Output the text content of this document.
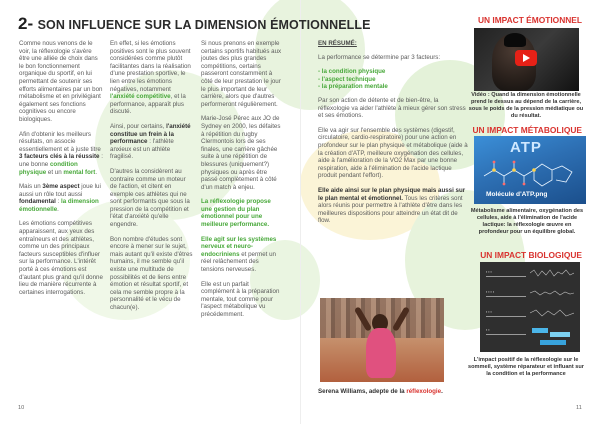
2- SON INFLUENCE SUR LA DIMENSION ÉMOTIONNELLE

Comme nous venons de le voir, la réflexologie s'avère être une alliée de choix dans le bon fonctionnement organique du sportif, en lui permettant de soutenir ses efforts alimentaires par un bon métabolisme et en privilégiant également ses fonctions cognitives ou encore biologiques.

Afin d'obtenir les meilleurs résultats, on associe essentiellement et à juste titre 3 facteurs clés à la réussite : une bonne condition physique et un mental fort.

Mais un 3ème aspect joue lui aussi un rôle tout aussi fondamental : la dimension émotionnelle.

Les émotions compétitives apparaissent, aux yeux des entraîneurs et des athlètes, comme un des principaux facteurs susceptibles d'influer sur la performance. L'intérêt porté à ces émotions est d'autant plus grand qu'il donne lieu de manière récurrente à certaines interrogations.

En effet, si les émotions positives sont le plus souvent considérées comme plutôt facilitantes dans la réalisation d'une prestation sportive, le lien entre les émotions négatives, notamment l'anxiété compétitive, et la performance, apparaît plus discuté.

Ainsi, pour certains, l'anxiété constitue un frein à la performance : l'athlète anxieux est un athlète fragilisé.

D'autres la considèrent au contraire comme un moteur de l'action, et citent en exemple ces athlètes qui ne sont performants que sous la pression de la compétition et l'état d'anxiété qu'elle engendre.

Bon nombre d'études sont encore à mener sur le sujet, mais autant qu'il existe d'êtres humains, il me semble qu'il existe une multitude de possibilités et de liens entre émotion et résultat sportif, et cela me semble propre à la personnalité et le vécu de chacun(e).

Si nous prenons en exemple certains sportifs habitués aux joutes des plus grandes compétitions, certains passeront constamment à côté de leur prestation le jour le plus important de leur carrière, alors que d'autres performeront régulièrement.

Marie-José Pérec aux JO de Sydney en 2000, les défaites à répétition du rugby Clermontois lors de ses finales, une carrière gâchée suite à une répétition de blessures (uniquement?) physiques ou après être passé complètement à côté d'un match à enjeu.

La réflexologie propose une gestion du plan émotionnel pour une meilleure performance.

Elle agit sur les systèmes nerveux et neuro-endocriniens et permet un réel relâchement des tensions nerveuses.

Elle est un parfait complément à la préparation mentale, tout comme pour l'aspect métabolique vu précédemment.

EN RÉSUMÉ:

La performance se détermine par 3 facteurs:

- la condition physique
- l'aspect technique
- la préparation mentale

Par son action de détente et de bien-être, la réflexologie va aider l'athlète à mieux gérer son stress et ses émotions.

Elle va agir sur l'ensemble des systèmes (digestif, circulatoire, cardio-respiratoire) pour une action en profondeur sur le plan physique et métabolique (aide à la création d'ATP, meilleure oxygénation des cellules, aide à l'amélioration de la VO2 Max par une bonne respiration, aide à l'élimination de l'acide lactique produit pendant l'effort).

Elle aide ainsi sur le plan physique mais aussi sur le plan mental et émotionnel. Tous les critères sont alors réunis pour permettre à l'athlète d'être dans les meilleures dispositions pour atteindre un état dit de flow.

Serena Williams, adepte de la réflexologie.
UN IMPACT ÉMOTIONNEL
Vidéo : Quand la dimension émotionnelle prend le dessus au dépend de la carrière, sous le poids de la pression médiatique ou du résultat.
UN IMPACT MÉTABOLIQUE
ATP
Molécule d'ATP.png
Métabolisme alimentaire, oxygénation des cellules, aide à l'élimination de l'acide lactique: la réflexologie œuvre en profondeur pour un équilibre global.
UN IMPACT BIOLOGIQUE
▪ ▪ ▪
▪ ▪ ▪ ▪
▪ ▪ ▪
▪ ▪
L'impact positif de la réflexologie sur le sommeil, système réparateur et influant sur la condition et la performance
10	11
